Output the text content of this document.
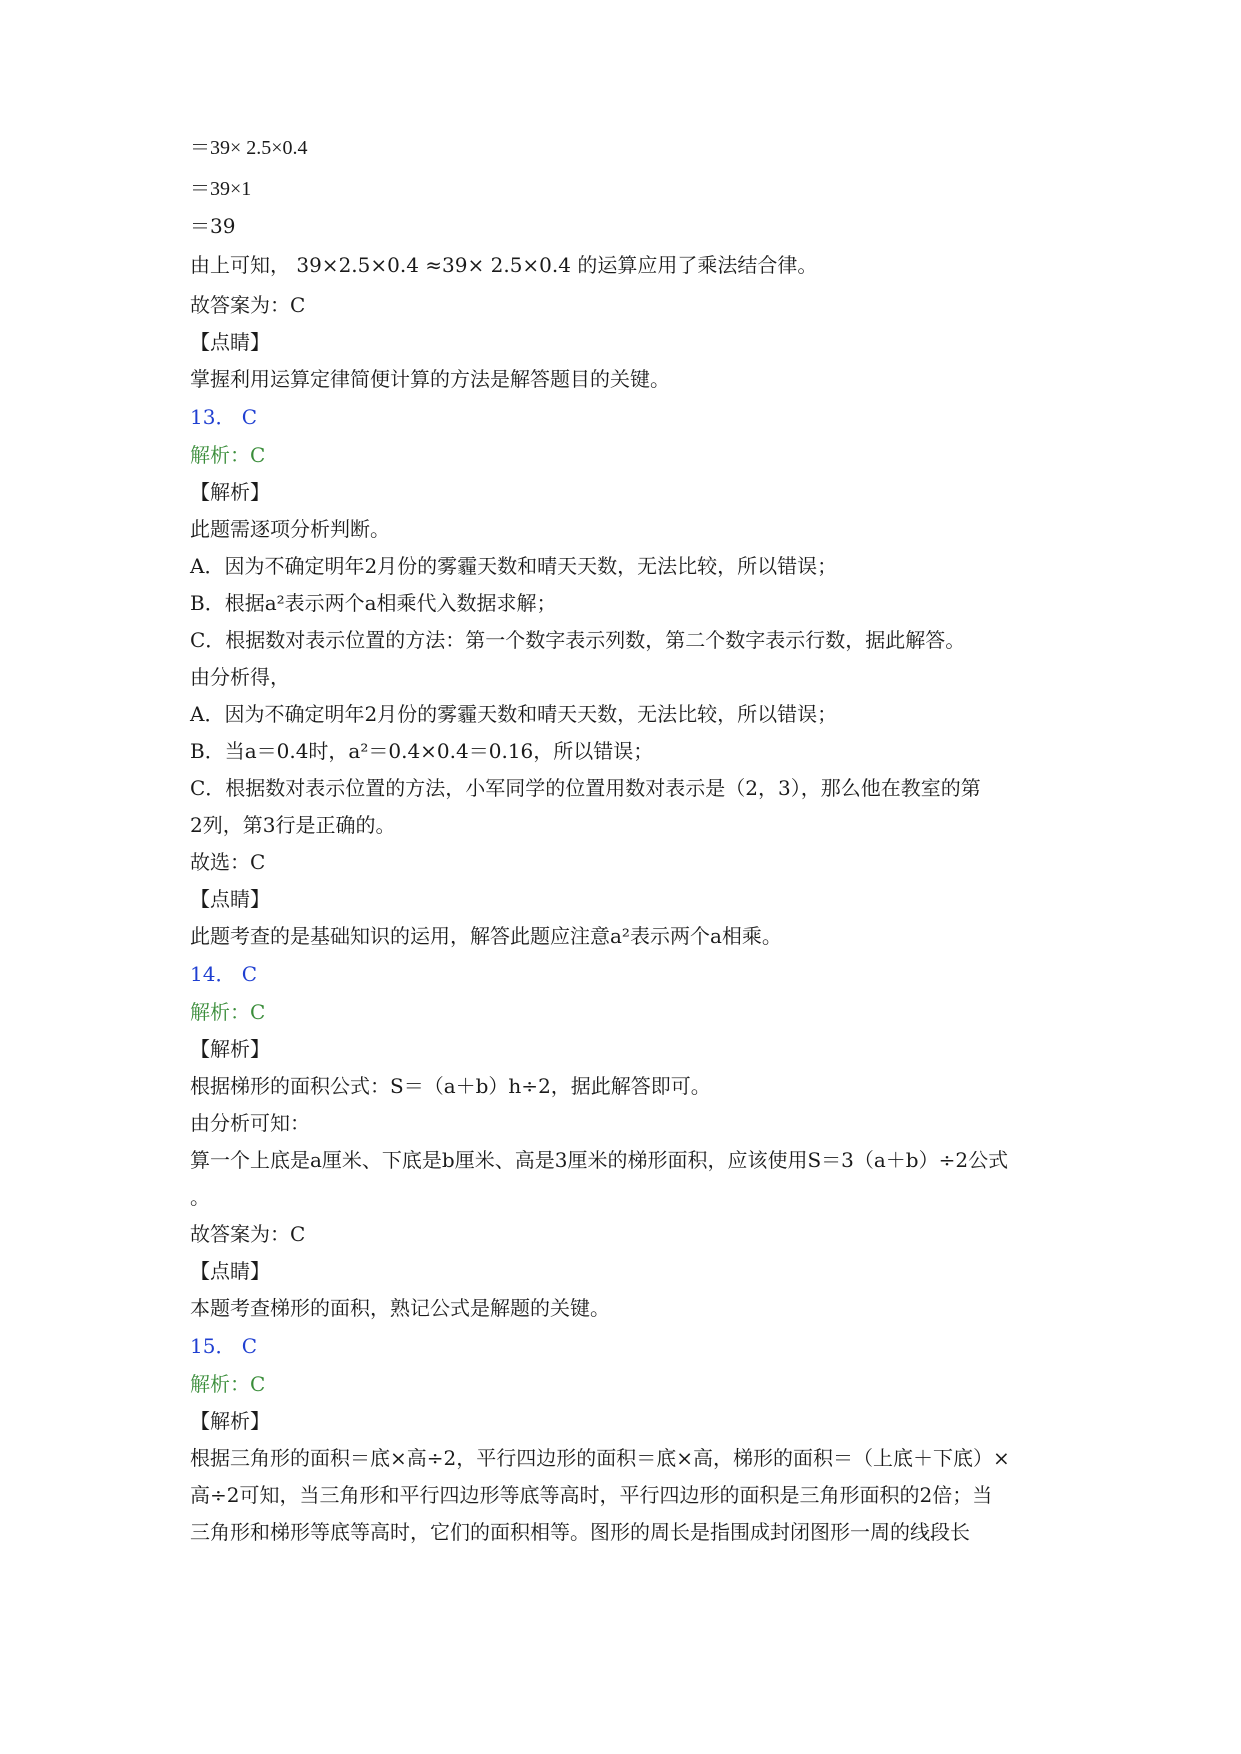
＝39× 2.5×0.4
＝39×1
＝39
由上可知， 39×2.5×0.4 ≈39× 2.5×0.4 的运算应用了乘法结合律。
故答案为：C
【点睛】
掌握利用运算定律简便计算的方法是解答题目的关键。
13． C
解析：C
【解析】
此题需逐项分析判断。
A．因为不确定明年2月份的雾霾天数和晴天天数，无法比较，所以错误；
B．根据a²表示两个a相乘代入数据求解；
C．根据数对表示位置的方法：第一个数字表示列数，第二个数字表示行数，据此解答。
由分析得，
A．因为不确定明年2月份的雾霾天数和晴天天数，无法比较，所以错误；
B．当a＝0.4时，a²＝0.4×0.4＝0.16，所以错误；
C．根据数对表示位置的方法，小军同学的位置用数对表示是（2，3），那么他在教室的第
2列，第3行是正确的。
故选：C
【点睛】
此题考查的是基础知识的运用，解答此题应注意a²表示两个a相乘。
14． C
解析：C
【解析】
根据梯形的面积公式：S＝（a＋b）h÷2，据此解答即可。
由分析可知：
算一个上底是a厘米、下底是b厘米、高是3厘米的梯形面积，应该使用S＝3（a＋b）÷2公式
。
故答案为：C
【点睛】
本题考查梯形的面积，熟记公式是解题的关键。
15． C
解析：C
【解析】
根据三角形的面积＝底×高÷2，平行四边形的面积＝底×高，梯形的面积＝（上底＋下底）×
高÷2可知，当三角形和平行四边形等底等高时，平行四边形的面积是三角形面积的2倍；当
三角形和梯形等底等高时，它们的面积相等。图形的周长是指围成封闭图形一周的线段长
